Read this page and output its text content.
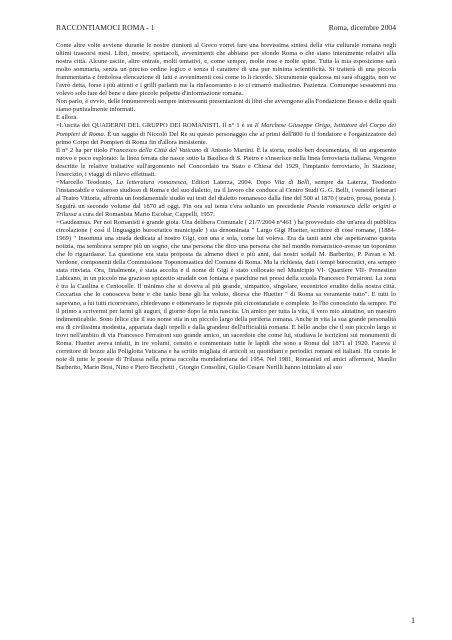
RACCONTIAMOCI ROMA - 1	Roma, dicembre 2004

Come altre volte avviene durante le nostre riunioni al Greco vorrei fare una brevissima sintesi della vita culturale romana negli ultimi trascorsi mesi. Libri, mostre, spettacoli, avvenimenti che abbiano per sfondo Roma o che siano interamente relativi alla nostra città. Alcune uscite, altre entrate, molti tentativi, e, come sempre, molte rose e molte spine. Tutta la mia esposizione sarà molto sommaria, senza un preciso ordine logico e senza il carattere di una pur minima scientificità. Si tratterà di una piccola frammentaria e frettolosa elencazione di fatti e avvenimenti così come io li ricordo. Sicuramente qualcosa mi sarà sfuggita, non ve l'avrò detta, forse i più attenti e i grilli parlanti me la rinfacceranno e io ci rimarrò malissimo. Pazienza. Comunque sessatenni ma volevo solo fare del bene e dare piccole polpette d'informazione romana.

Non parlo, è ovvio, delle innumerevoli sempre interessanti presentazioni di libri che avvengono alla Fondazione Besso e delle quali siamo puntualmente informati.

E allora.

=L'uscita dei QUADERNI DEL GRUPPO DEI ROMANISTI. Il n° 1 è su Il Marchese Giuseppe Origo, Istitutore del Corpo dei Pompieri di Roma. È un saggio di Niccolò Del Re su questo personaggio che ai primi dell'800 fu il fondatore e l'organizzatore del primo Corpo dei Pompieri di Roma fin d'allora inesistente.

Il n° 2 ha per titolo Francesco della Città del Vaticano di Antonio Martini. È la storia, molto ben documentata, di un argomento nuovo e poco esplorato: la linea ferrata che nasce sotto la Basilica di S. Pietro e s'inserisce nella linea ferroviaria italiana. Vengono descritte le relative trattative sull'argomento nel Concordato tra Stato e Chiesa del 1929, l'impianto ferroviario, lo Stazione, l'esercizio, i viaggi di rilievo effettuati.

=Marcello Teodonio, La letteratura romanesca, Editori Laterza, 2004. Dopo Vita di Belli, sempre da Laterza, Teodonio l'instancabile e valoroso studioso di Roma e del suo dialetto, tra il lavoro che conduce al Centro Studi G. G. Belli, i venerdì letterari al Teatro Vittoria, affronta un fondamentale studio sui testi del dialetto romanesco dalla fine del 500 al 1870 ( teatro, prosa, poesia ). Seguirà un secondo volume dal 1870 ad oggi. Fin ora sul tema c'era soltanto un precedente Poesia romanesca delle origini a Trilussa a cura del Romanista Mario Escobar, Cappelli, 1957.

=Gaudeamus. Per noi Romanisti è grande gioia. Una delibera Comunale ( 21/7/2004 n°461 ) ha provveduto che un'area di pubblica circolazione ( così il linguaggio burocratico municipale ) sia denominata " Largo Gigi Huetter, scrittore di cose romane, (1884-1969) " Insomma una strada dedicata al nostro Gigi, con una e sola, come lui voleva. Era da tanti anni che aspettavamo questa notizia, ma sembrava sempre più un sogno, che una persona che dico una persona che nel mondo romanistico-avesse un toponimo che lo riguardasse. La questione era stata proposta da almeno dieci e più anni, dai nostri sodali M. Barberito, P. Pavan e M. Verdone, componenti della Commissione Toponomastica del Comune di Roma. Ma la richiesta, dati i tempi burocratici, era sempre stata rinviata. Ora, finalmente, è stata accolta e il nome di Gigi è stato collocato nel Municipio VI- Quartiere VII- Prenestino Labicano, in un piccolo ma grazioso spizzetto stradale con fontana e panchine nei pressi della scuola Francesco Ferraironi. La zona è tra la Casilina e Centocelle. Il minimo che si doveva al più grande, simpatico, singolare, eccentrico erudito della nostra città. Ceccarius che lo conosceva bene e che tanto bene gli ha voluto, diceva che Huetter " di Roma sa veramente tutto". E tutti lo sapevano, a lui tutti ricorrevano, chiedevano e ottenevano le risposte più circostanziate e complete. Io l'ho conosciuto da sempre. Fu il primo a scrivermi per farmi gli auguri, il giorno dopo la mia nascita. Un amico per tutta la vita, il vero mio aiutatino, un maestro indimenticabile. Sono felice che il suo nome stia in un piccolo largo della periferia romana. Anche in vita la sua grande personalità era di civilissima modestia, appartata dagli orpelli e dalla grandeur dell'ufficialità romana. E bello anche che il suo piccolo largo si trovi nell'ambito di via Francesco Ferraironi suo grande amico, un sacerdote che come lui, studiava le iscrizioni sui monumenti di Roma. Huetter aveva infatti, in tre volumi, censito e commentato tutte le lapidi che sono a Roma dal 1871 al 1920. Faceva il correttore di bozze alla Poliglotta Vaticana e ha scritto migliaia di articoli su quotidiani e periodici romani ed italiani. Ha curato le note di tutte le poesie di Trilussa nella prima raccolta mondadoriana del 1954. Nel 1981, Romanisti ed amici affermosi, Manlio Barberito, Mario Bosi, Nino e Piero Becchetti , Giorgio Consolini, Giulio Cesare Nerilli hanno intitolato al suo

1
